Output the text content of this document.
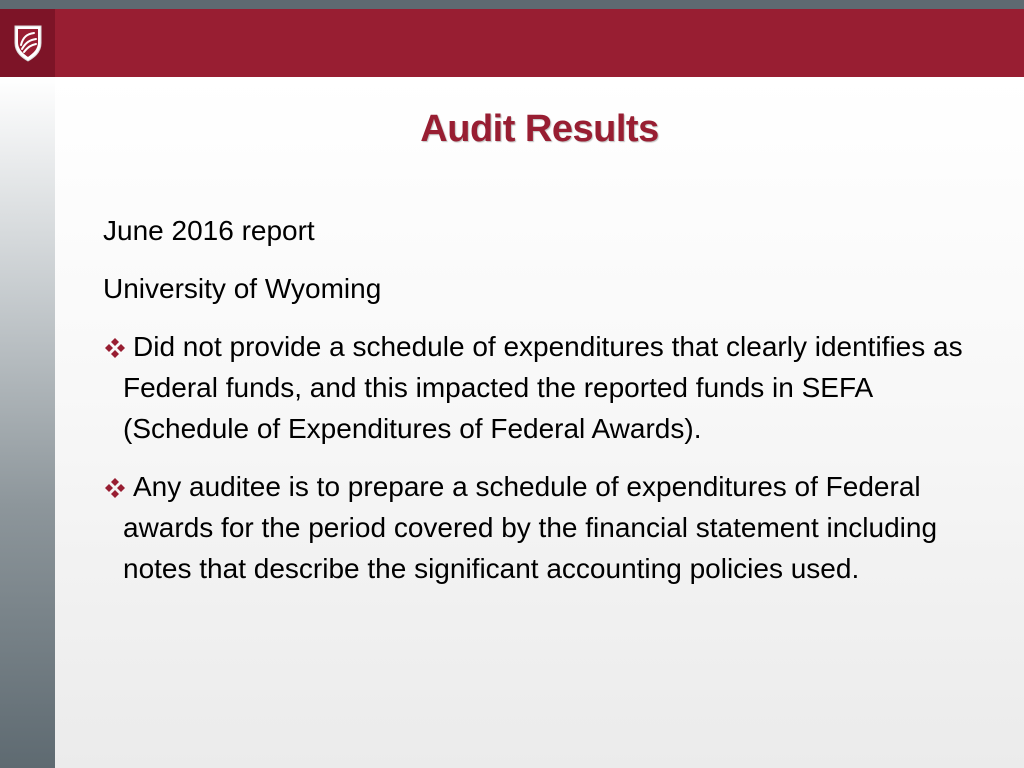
Audit Results
June 2016 report
University of Wyoming
Did not provide a schedule of expenditures that clearly identifies as Federal funds, and this impacted the reported funds in SEFA (Schedule of Expenditures of Federal Awards).
Any auditee is to prepare a schedule of expenditures of Federal awards for the period covered by the financial statement including notes that describe the significant accounting policies used.
